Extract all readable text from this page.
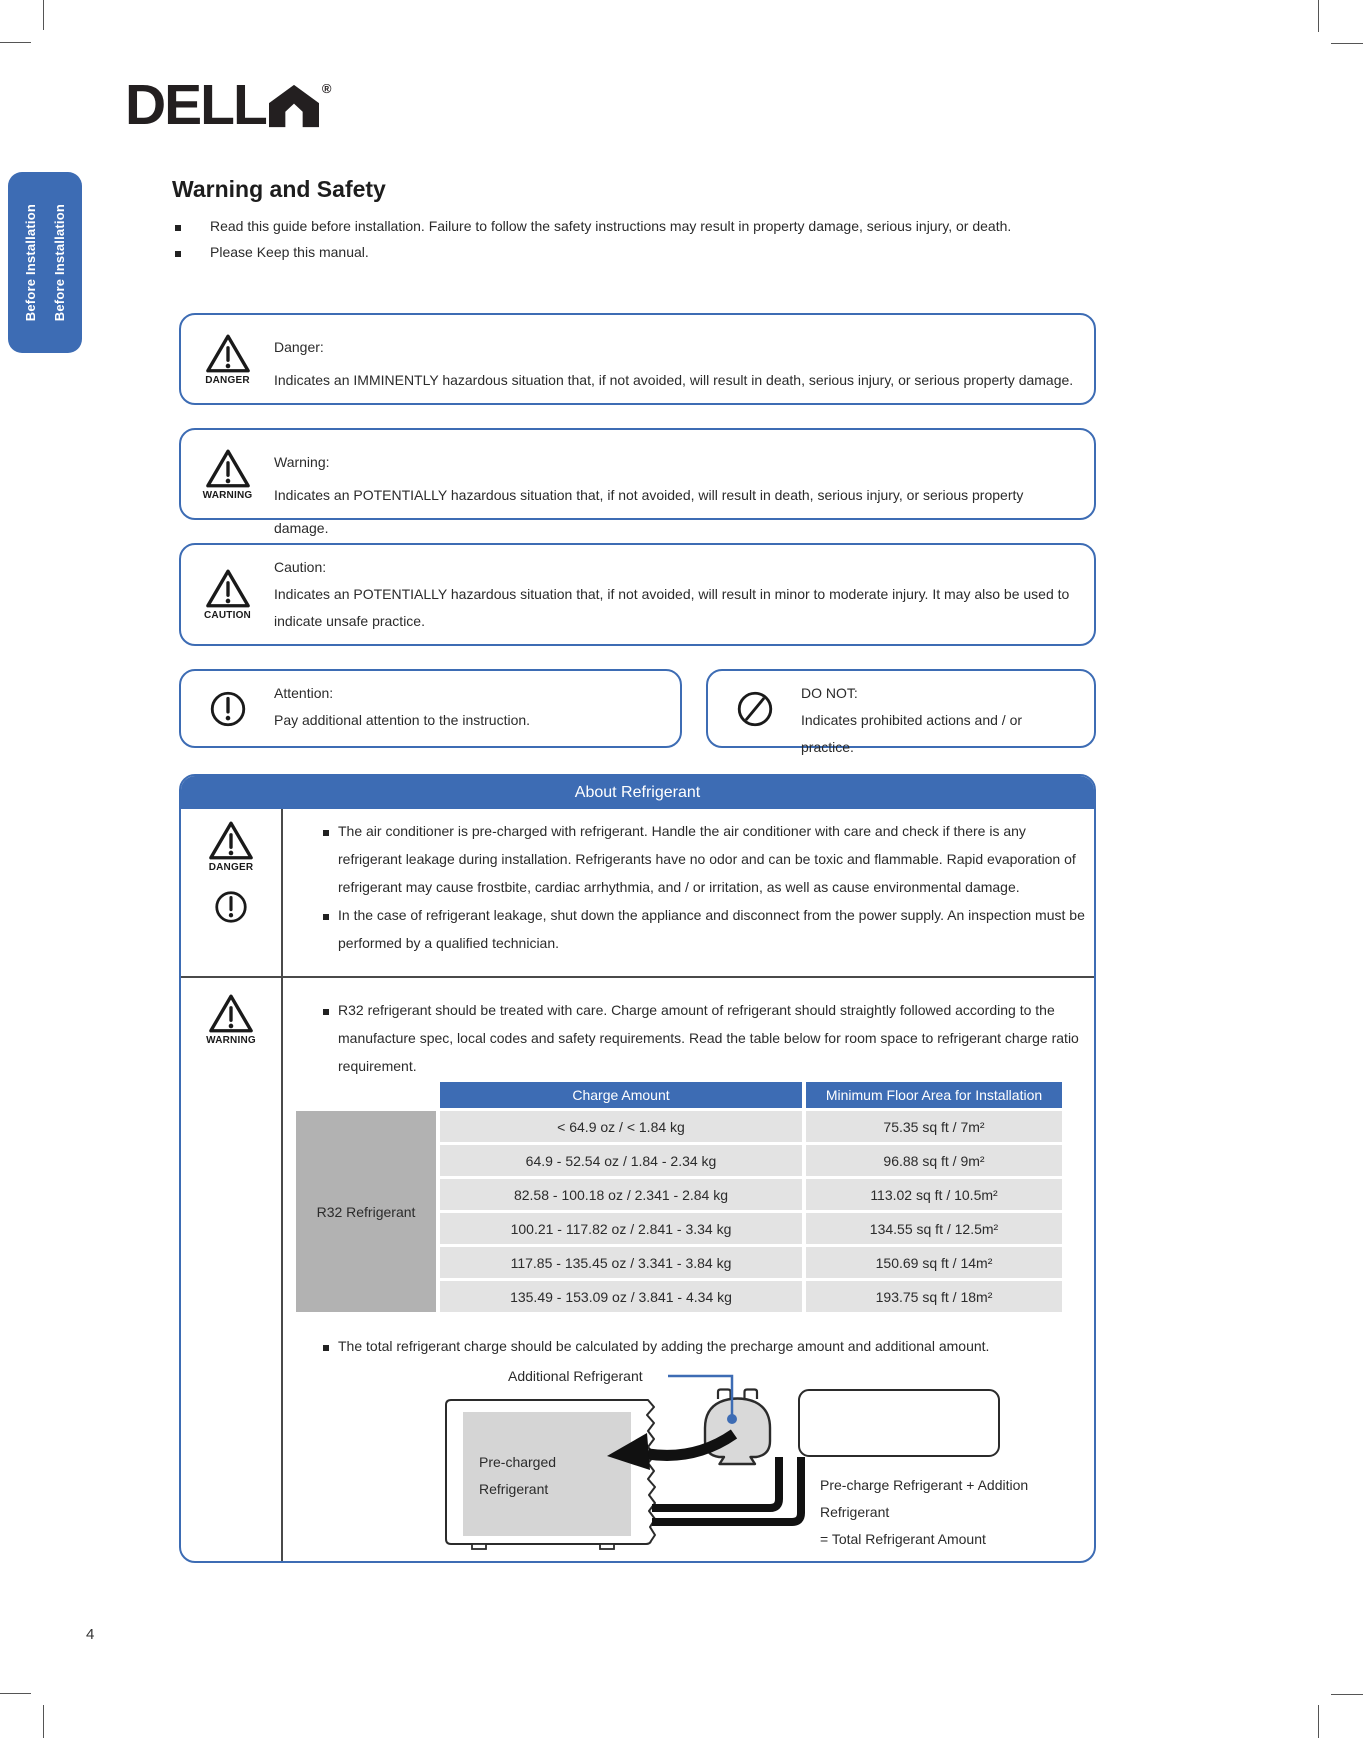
Before Installation Before Installation
DELL	®
Warning and Safety
Read this guide before installation. Failure to follow the safety instructions may result in property damage, serious injury, or death.
Please Keep this manual.
DANGER
Danger:
Indicates an IMMINENTLY hazardous situation that, if not avoided, will result in death, serious injury, or serious property damage.
WARNING
Warning:
Indicates an POTENTIALLY hazardous situation that, if not avoided, will result in death, serious injury, or serious property damage.
CAUTION
Caution:
Indicates an POTENTIALLY hazardous situation that, if not avoided, will result in minor to moderate injury. It may also be used to indicate unsafe practice.
Attention:
Pay additional attention to the instruction.
DO NOT:
Indicates prohibited actions and / or practice.
About Refrigerant
DANGER
WARNING
The air conditioner is pre-charged with refrigerant. Handle the air conditioner with care and check if there is any refrigerant leakage during installation. Refrigerants have no odor and can be toxic and flammable. Rapid evaporation of refrigerant may cause frostbite, cardiac arrhythmia, and / or irritation, as well as cause environmental damage.
In the case of refrigerant leakage, shut down the appliance and disconnect from the power supply. An inspection must be performed by a qualified technician.
R32 refrigerant should be treated with care. Charge amount of refrigerant should straightly followed according to the manufacture spec, local codes and safety requirements. Read the table below for room space to refrigerant charge ratio requirement.
	Charge Amount	Minimum Floor Area for Installation
R32 Refrigerant	< 64.9 oz / < 1.84 kg	75.35 sq ft / 7m²
	64.9 - 52.54 oz / 1.84 - 2.34 kg	96.88 sq ft / 9m²
	82.58 - 100.18 oz / 2.341 - 2.84 kg	113.02 sq ft / 10.5m²
	100.21 - 117.82 oz / 2.841 - 3.34 kg	134.55 sq ft / 12.5m²
	117.85 - 135.45 oz / 3.341 - 3.84 kg	150.69 sq ft / 14m²
	135.49 - 153.09 oz / 3.841 - 4.34 kg	193.75 sq ft / 18m²
The total refrigerant charge should be calculated by adding the precharge amount and additional amount.
Additional Refrigerant
Pre-charged
Refrigerant	Pre-charge Refrigerant + Addition Refrigerant
= Total Refrigerant Amount
4
